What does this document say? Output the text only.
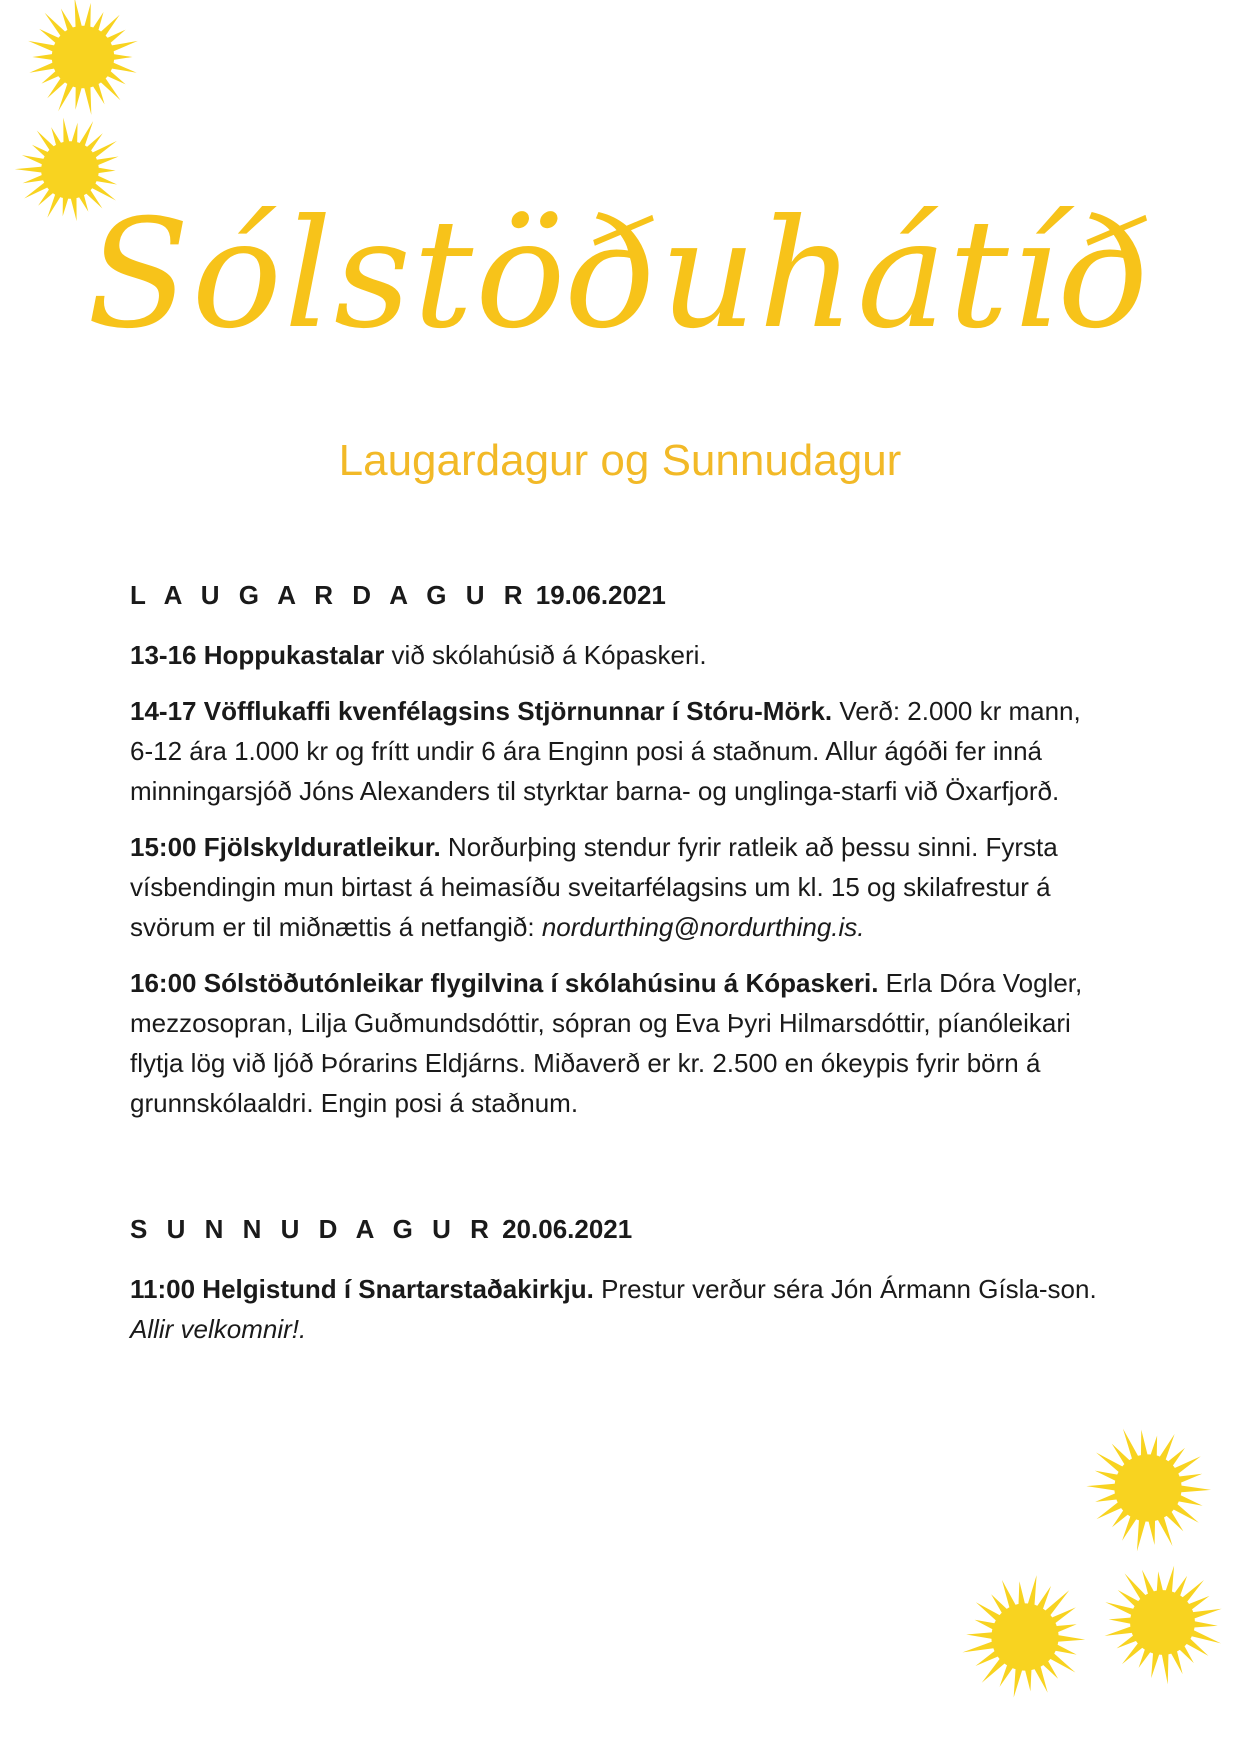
Sólstöðuhátíð
Laugardagur og Sunnudagur
L A U G A R D A G U R 19.06.2021

13-16 Hoppukastalar við skólahúsið á Kópaskeri.

14-17 Vöfflukaffi kvenfélagsins Stjörnunnar í Stóru-Mörk. Verð: 2.000 kr mann, 6-12 ára 1.000 kr og frítt undir 6 ára Enginn posi á staðnum. Allur ágóði fer inná minningarsjóð Jóns Alexanders til styrktar barna- og unglinga-starfi við Öxarfjorð.

15:00 Fjölskylduratleikur. Norðurþing stendur fyrir ratleik að þessu sinni. Fyrsta vísbendingin mun birtast á heimasíðu sveitarfélagsins um kl. 15 og skilafrestur á svörum er til miðnættis á netfangið: nordurthing@nordurthing.is.

16:00 Sólstöðutónleikar flygilvina í skólahúsinu á Kópaskeri. Erla Dóra Vogler, mezzosopran, Lilja Guðmundsdóttir, sópran og Eva Þyri Hilmarsdóttir, píanóleikari flytja lög við ljóð Þórarins Eldjárns. Miðaverð er kr. 2.500 en ókeypis fyrir börn á grunnskólaaldri. Engin posi á staðnum.

S U N N U D A G U R 20.06.2021

11:00 Helgistund í Snartarstaðakirkju. Prestur verður séra Jón Ármann Gísla-son. Allir velkomnir!.
